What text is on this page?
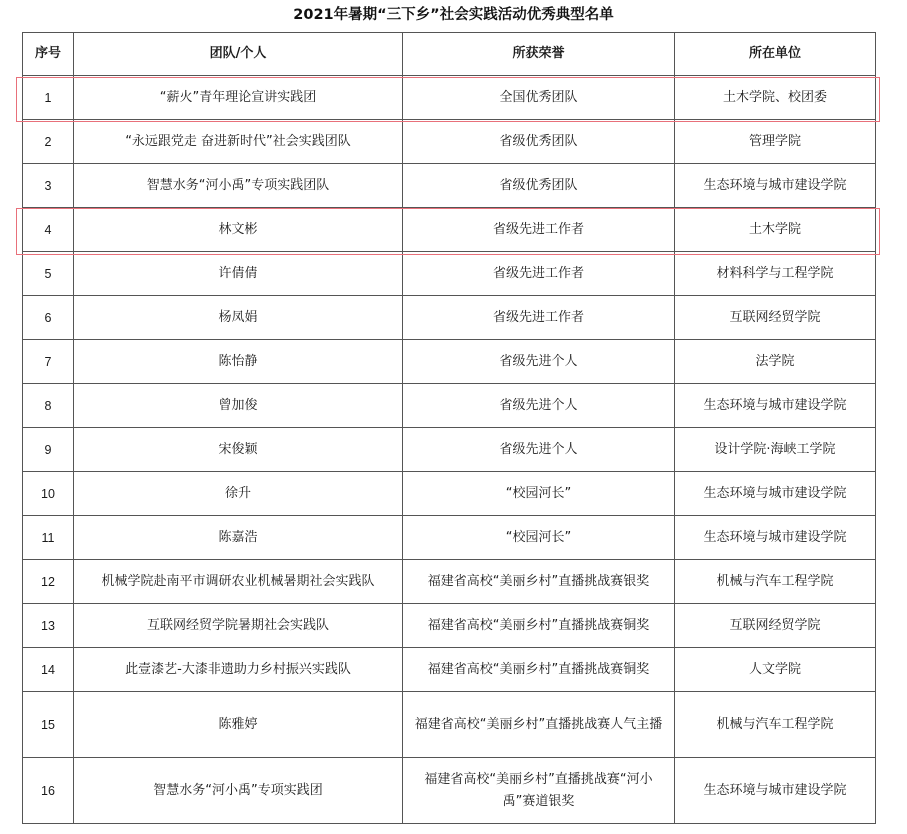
2021年暑期“三下乡”社会实践活动优秀典型名单
序号	团队/个人	所获荣誉	所在单位
1	“薪火”青年理论宣讲实践团	全国优秀团队	土木学院、校团委
2	“永远跟党走 奋进新时代”社会实践团队	省级优秀团队	管理学院
3	智慧水务“河小禹”专项实践团队	省级优秀团队	生态环境与城市建设学院
4	林文彬	省级先进工作者	土木学院
5	许倩倩	省级先进工作者	材料科学与工程学院
6	杨凤娟	省级先进工作者	互联网经贸学院
7	陈怡静	省级先进个人	法学院
8	曾加俊	省级先进个人	生态环境与城市建设学院
9	宋俊颖	省级先进个人	设计学院·海峡工学院
10	徐升	“校园河长”	生态环境与城市建设学院
11	陈嘉浩	“校园河长”	生态环境与城市建设学院
12	机械学院赴南平市调研农业机械暑期社会实践队	福建省高校“美丽乡村”直播挑战赛银奖	机械与汽车工程学院
13	互联网经贸学院暑期社会实践队	福建省高校“美丽乡村”直播挑战赛铜奖	互联网经贸学院
14	此壹漆艺-大漆非遗助力乡村振兴实践队	福建省高校“美丽乡村”直播挑战赛铜奖	人文学院
15	陈雅婷	福建省高校“美丽乡村”直播挑战赛人气主播	机械与汽车工程学院
16	智慧水务“河小禹”专项实践团	福建省高校“美丽乡村”直播挑战赛“河小禹”赛道银奖	生态环境与城市建设学院
